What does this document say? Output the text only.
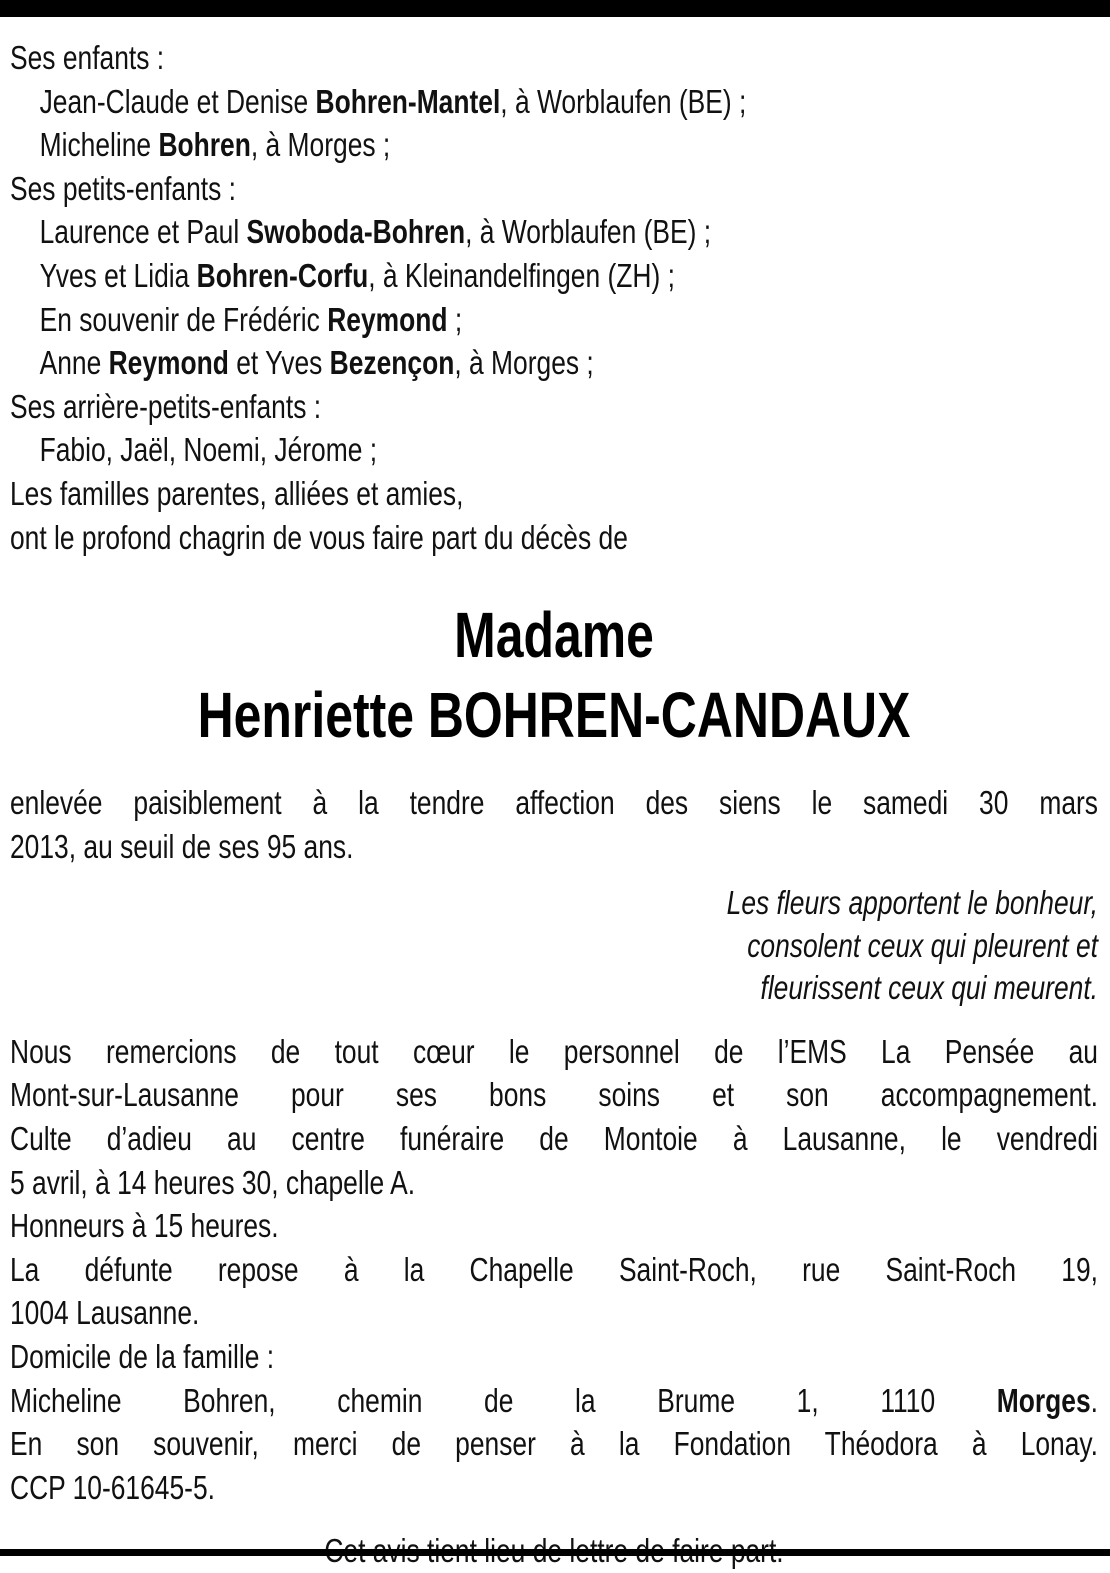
Ses enfants :
Jean-Claude et Denise Bohren-Mantel, à Worblaufen (BE) ;
Micheline Bohren, à Morges ;
Ses petits-enfants :
Laurence et Paul Swoboda-Bohren, à Worblaufen (BE) ;
Yves et Lidia Bohren-Corfu, à Kleinandelfingen (ZH) ;
En souvenir de Frédéric Reymond ;
Anne Reymond et Yves Bezençon, à Morges ;
Ses arrière-petits-enfants :
Fabio, Jaël, Noemi, Jérome ;
Les familles parentes, alliées et amies,
ont le profond chagrin de vous faire part du décès de
Madame
Henriette BOHREN-CANDAUX
enlevée paisiblement à la tendre affection des siens le samedi 30 mars
2013, au seuil de ses 95 ans.
Les fleurs apportent le bonheur,
consolent ceux qui pleurent et
fleurissent ceux qui meurent.
Nous remercions de tout cœur le personnel de l’EMS La Pensée au
Mont-sur-Lausanne pour ses bons soins et son accompagnement.
Culte d’adieu au centre funéraire de Montoie à Lausanne, le vendredi
5 avril, à 14 heures 30, chapelle A.
Honneurs à 15 heures.
La défunte repose à la Chapelle Saint-Roch, rue Saint-Roch 19,
1004 Lausanne.
Domicile de la famille :
Micheline Bohren, chemin de la Brume 1, 1110 Morges.
En son souvenir, merci de penser à la Fondation Théodora à Lonay.
CCP 10-61645-5.
